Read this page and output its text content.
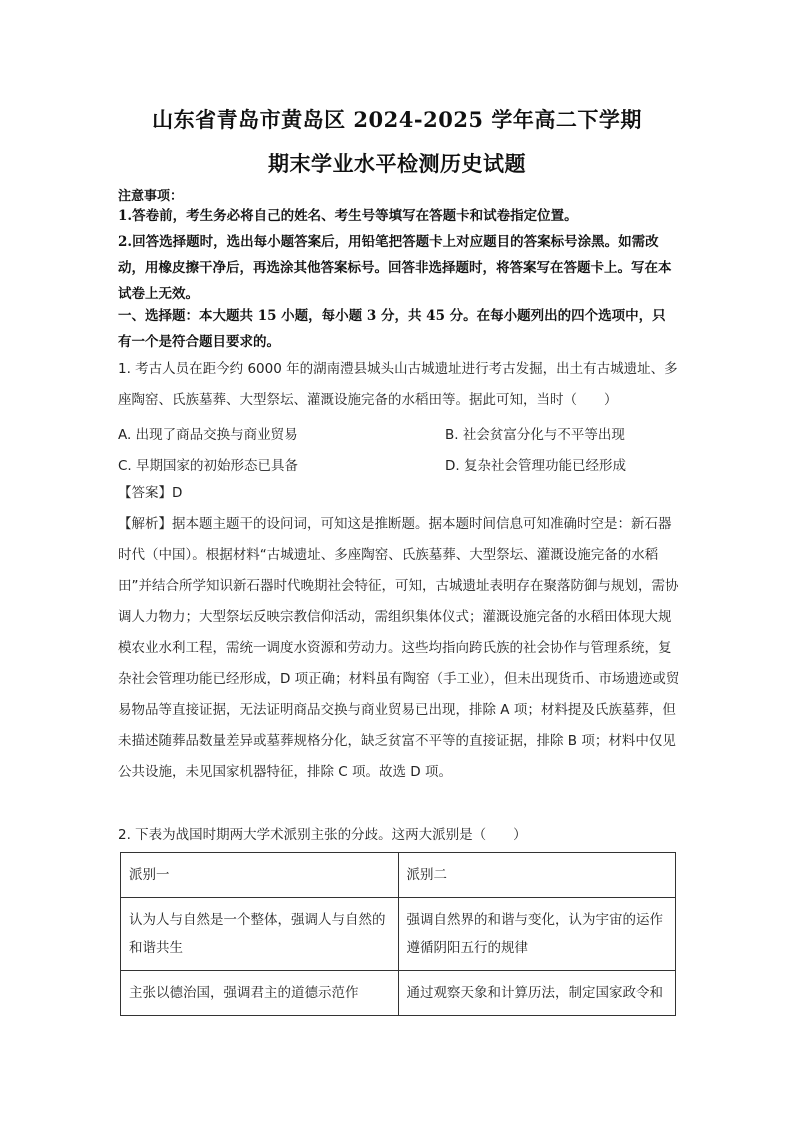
山东省青岛市黄岛区 2024-2025 学年高二下学期
期末学业水平检测历史试题
注意事项：
1.答卷前，考生务必将自己的姓名、考生号等填写在答题卡和试卷指定位置。
2.回答选择题时，选出每小题答案后，用铅笔把答题卡上对应题目的答案标号涂黑。如需改动，用橡皮擦干净后，再选涂其他答案标号。回答非选择题时，将答案写在答题卡上。写在本试卷上无效。
一、选择题：本大题共 15 小题，每小题 3 分，共 45 分。在每小题列出的四个选项中，只有一个是符合题目要求的。
1. 考古人员在距今约 6000 年的湖南澧县城头山古城遗址进行考古发掘，出土有古城遗址、多座陶窑、氏族墓葬、大型祭坛、灌溉设施完备的水稻田等。据此可知，当时（　　）
A. 出现了商品交换与商业贸易	B. 社会贫富分化与不平等出现
C. 早期国家的初始形态已具备	D. 复杂社会管理功能已经形成
【答案】D
【解析】据本题主题干的设问词，可知这是推断题。据本题时间信息可知准确时空是：新石器时代（中国）。根据材料“古城遗址、多座陶窑、氏族墓葬、大型祭坛、灌溉设施完备的水稻田”并结合所学知识新石器时代晚期社会特征，可知，古城遗址表明存在聚落防御与规划，需协调人力物力；大型祭坛反映宗教信仰活动，需组织集体仪式；灌溉设施完备的水稻田体现大规模农业水利工程，需统一调度水资源和劳动力。这些均指向跨氏族的社会协作与管理系统，复杂社会管理功能已经形成，D 项正确；材料虽有陶窑（手工业），但未出现货币、市场遗迹或贸易物品等直接证据，无法证明商品交换与商业贸易已出现，排除 A 项；材料提及氏族墓葬，但未描述随葬品数量差异或墓葬规格分化，缺乏贫富不平等的直接证据，排除 B 项；材料中仅见公共设施，未见国家机器特征，排除 C 项。故选 D 项。
2. 下表为战国时期两大学术派别主张的分歧。这两大派别是（　　）
派别一	派别二
认为人与自然是一个整体，强调人与自然的和谐共生	强调自然界的和谐与变化，认为宇宙的运作遵循阴阳五行的规律
主张以德治国，强调君主的道德示范作	通过观察天象和计算历法，制定国家政令和
